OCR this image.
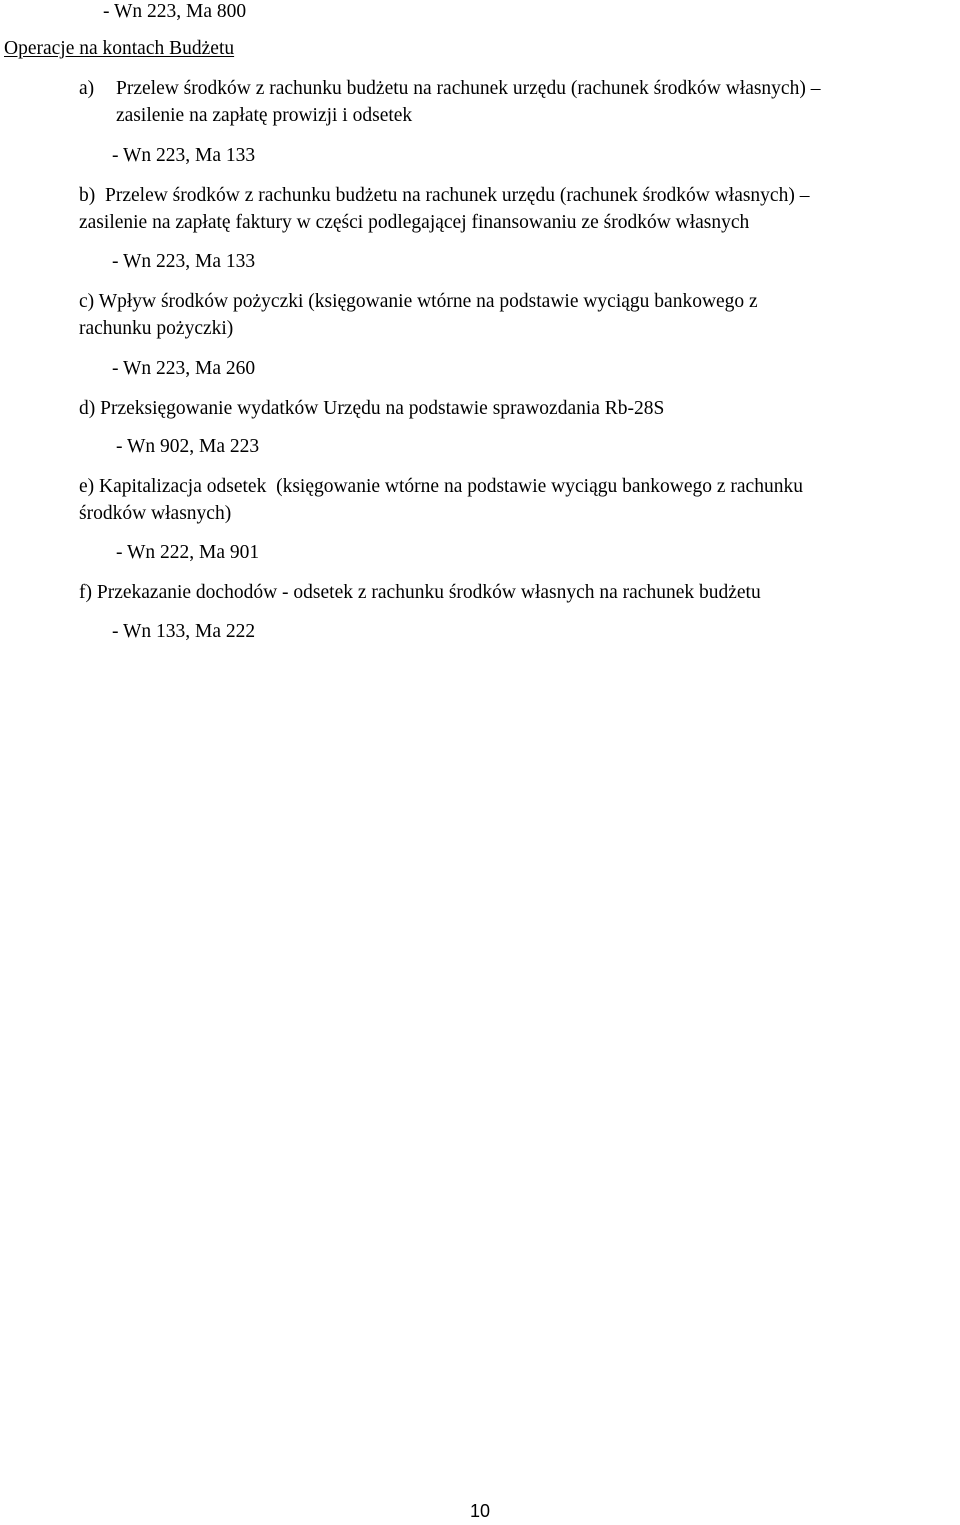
- Wn 223, Ma 800
Operacje na kontach Budżetu
a) Przelew środków z rachunku budżetu na rachunek urzędu (rachunek środków własnych) –
zasilenie na zapłatę prowizji i odsetek
- Wn 223, Ma 133
b) Przelew środków z rachunku budżetu na rachunek urzędu (rachunek środków własnych) –
zasilenie na zapłatę faktury w części podlegającej finansowaniu ze środków własnych
- Wn 223, Ma 133
c) Wpływ środków pożyczki (księgowanie wtórne na podstawie wyciągu bankowego z
rachunku pożyczki)
- Wn 223, Ma 260
d) Przeksięgowanie wydatków Urzędu na podstawie sprawozdania Rb-28S
- Wn 902, Ma 223
e) Kapitalizacja odsetek  (księgowanie wtórne na podstawie wyciągu bankowego z rachunku
środków własnych)
- Wn 222, Ma 901
f) Przekazanie dochodów - odsetek z rachunku środków własnych na rachunek budżetu
- Wn 133, Ma 222
10
